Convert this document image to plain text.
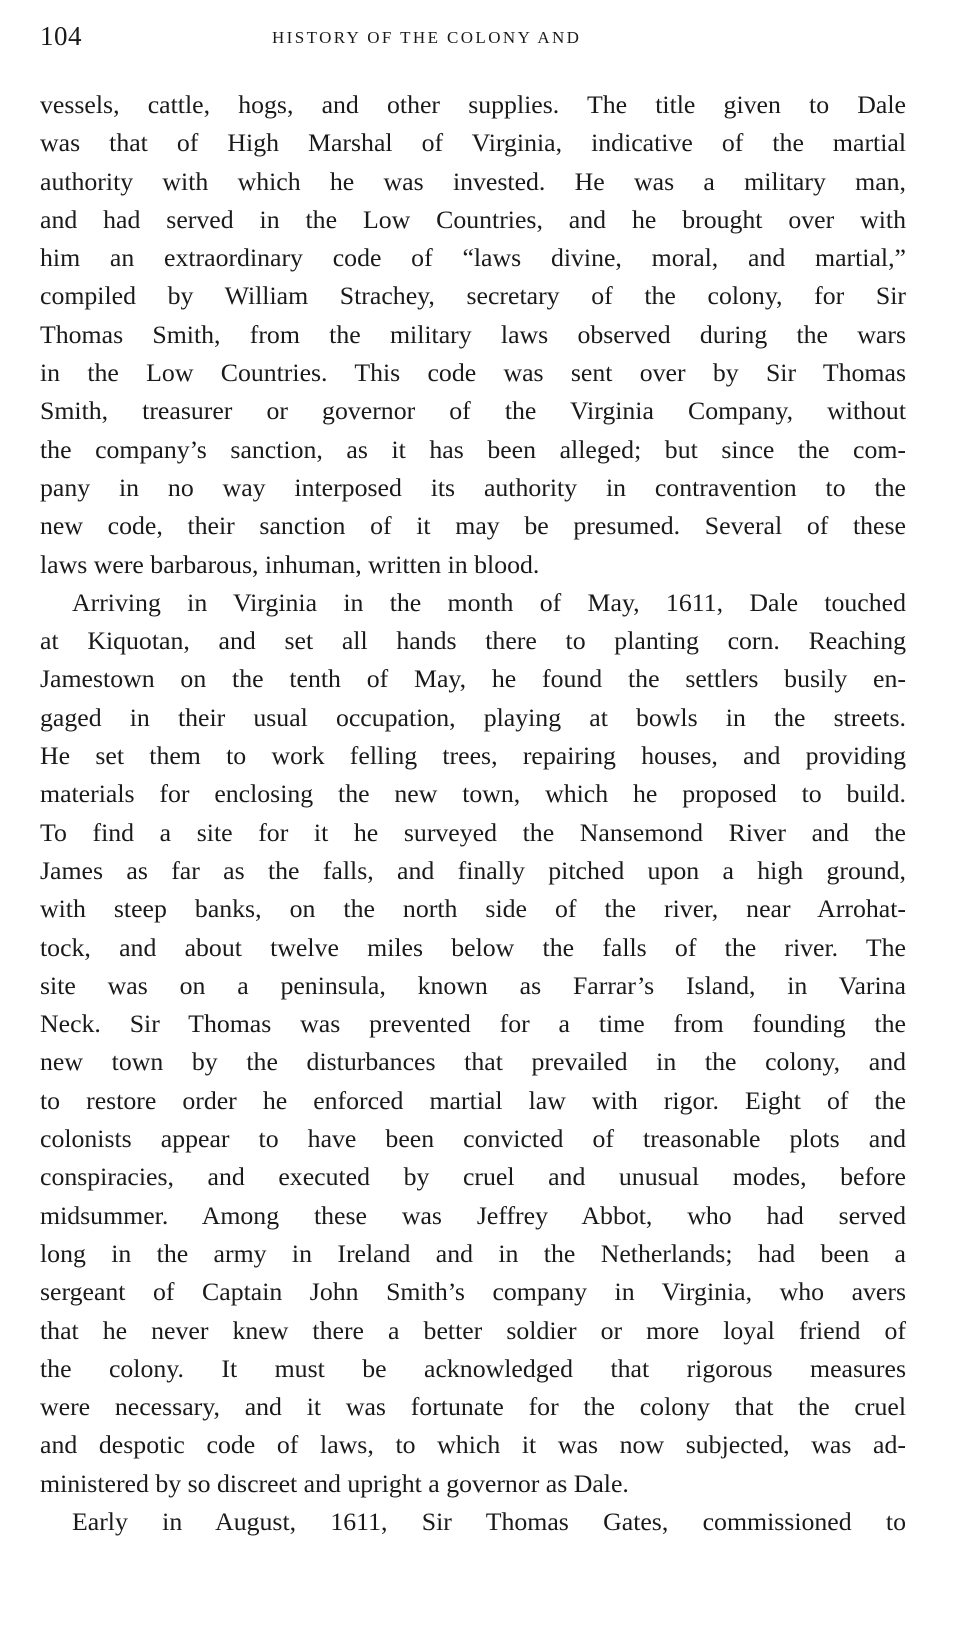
104	HISTORY OF THE COLONY AND
vessels, cattle, hogs, and other supplies. The title given to Dale
was that of High Marshal of Virginia, indicative of the martial
authority with which he was invested. He was a military man,
and had served in the Low Countries, and he brought over with
him an extraordinary code of “laws divine, moral, and martial,”
compiled by William Strachey, secretary of the colony, for Sir
Thomas Smith, from the military laws observed during the wars
in the Low Countries. This code was sent over by Sir Thomas
Smith, treasurer or governor of the Virginia Company, without
the company’s sanction, as it has been alleged; but since the com-
pany in no way interposed its authority in contravention to the
new code, their sanction of it may be presumed. Several of these
laws were barbarous, inhuman, written in blood.
Arriving in Virginia in the month of May, 1611, Dale touched
at Kiquotan, and set all hands there to planting corn. Reaching
Jamestown on the tenth of May, he found the settlers busily en-
gaged in their usual occupation, playing at bowls in the streets.
He set them to work felling trees, repairing houses, and providing
materials for enclosing the new town, which he proposed to build.
To find a site for it he surveyed the Nansemond River and the
James as far as the falls, and finally pitched upon a high ground,
with steep banks, on the north side of the river, near Arrohat-
tock, and about twelve miles below the falls of the river. The
site was on a peninsula, known as Farrar’s Island, in Varina
Neck. Sir Thomas was prevented for a time from founding the
new town by the disturbances that prevailed in the colony, and
to restore order he enforced martial law with rigor. Eight of the
colonists appear to have been convicted of treasonable plots and
conspiracies, and executed by cruel and unusual modes, before
midsummer. Among these was Jeffrey Abbot, who had served
long in the army in Ireland and in the Netherlands; had been a
sergeant of Captain John Smith’s company in Virginia, who avers
that he never knew there a better soldier or more loyal friend of
the colony. It must be acknowledged that rigorous measures
were necessary, and it was fortunate for the colony that the cruel
and despotic code of laws, to which it was now subjected, was ad-
ministered by so discreet and upright a governor as Dale.
Early in August, 1611, Sir Thomas Gates, commissioned to
